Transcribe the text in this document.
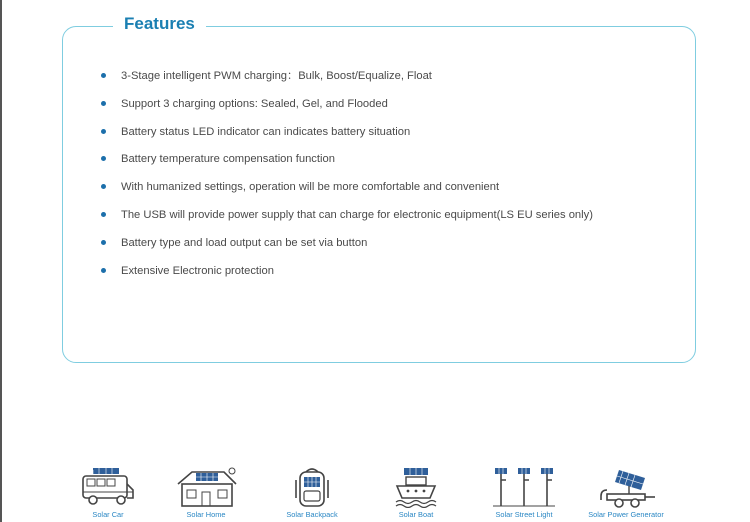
Features
3-Stage intelligent PWM charging：Bulk, Boost/Equalize, Float
Support 3 charging options: Sealed, Gel, and Flooded
Battery status LED indicator can indicates battery situation
Battery temperature compensation function
With humanized settings, operation will be more comfortable and convenient
The USB will provide power supply that can charge for electronic equipment(LS EU series only)
Battery type and load output can be set via button
Extensive Electronic protection
Solar Car	Solar Home	Solar Backpack	Solar Boat	Solar Street Light	Solar Power Generator
